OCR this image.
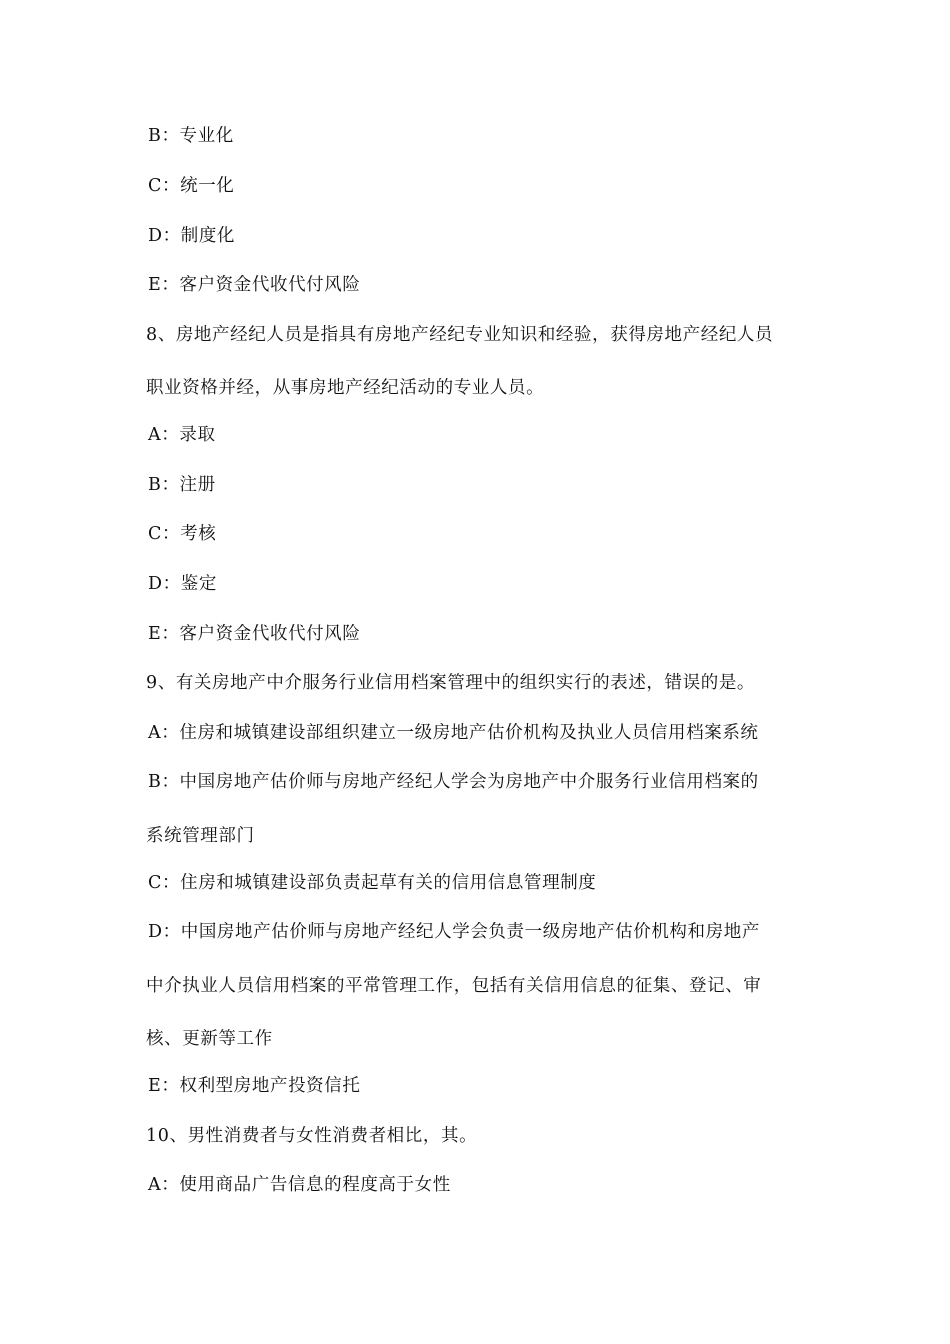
B：专业化
C：统一化
D：制度化
E：客户资金代收代付风险
8、房地产经纪人员是指具有房地产经纪专业知识和经验，获得房地产经纪人员
职业资格并经，从事房地产经纪活动的专业人员。
A：录取
B：注册
C：考核
D：鉴定
E：客户资金代收代付风险
9、有关房地产中介服务行业信用档案管理中的组织实行的表述，错误的是。
A：住房和城镇建设部组织建立一级房地产估价机构及执业人员信用档案系统
B：中国房地产估价师与房地产经纪人学会为房地产中介服务行业信用档案的
系统管理部门
C：住房和城镇建设部负责起草有关的信用信息管理制度
D：中国房地产估价师与房地产经纪人学会负责一级房地产估价机构和房地产
中介执业人员信用档案的平常管理工作，包括有关信用信息的征集、登记、审
核、更新等工作
E：权利型房地产投资信托
10、男性消费者与女性消费者相比，其。
A：使用商品广告信息的程度高于女性
